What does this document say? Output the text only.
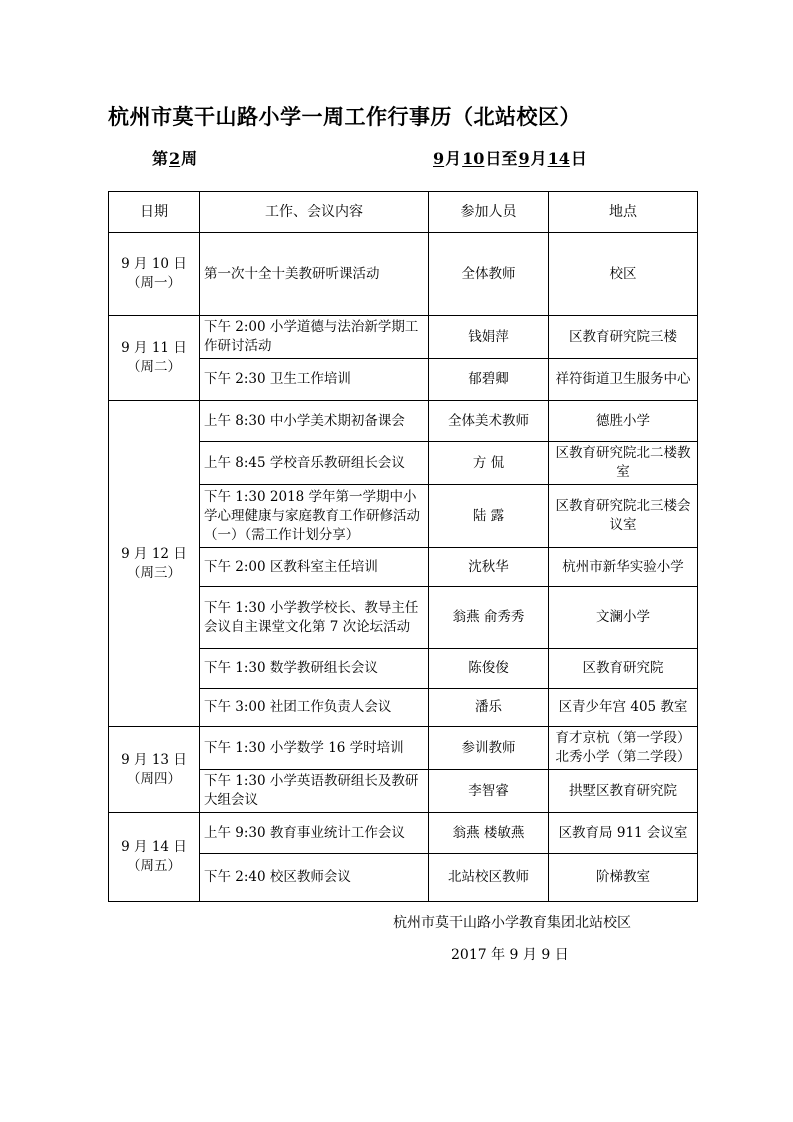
杭州市莫干山路小学一周工作行事历（北站校区）
第2周	9月10日至9月14日
日期	工作、会议内容	参加人员	地点

9 月 10 日
（周一）	第一次十全十美教研听课活动	全体教师	校区

9 月 11 日
（周二）	下午 2:00 小学道德与法治新学期工作研讨活动	钱娟萍	区教育研究院三楼
	下午 2:30 卫生工作培训	郁碧卿	祥符街道卫生服务中心

9 月 12 日
（周三）	上午 8:30 中小学美术期初备课会	全体美术教师	德胜小学
	上午 8:45 学校音乐教研组长会议	方 侃	区教育研究院北二楼教室
	下午 1:30 2018 学年第一学期中小学心理健康与家庭教育工作研修活动（一）（需工作计划分享）	陆 露	区教育研究院北三楼会议室
	下午 2:00 区教科室主任培训	沈秋华	杭州市新华实验小学
	下午 1:30 小学教学校长、教导主任会议自主课堂文化第 7 次论坛活动	翁燕 俞秀秀	文澜小学
	下午 1:30 数学教研组长会议	陈俊俊	区教育研究院
	下午 3:00 社团工作负责人会议	潘乐	区青少年宫 405 教室

9 月 13 日
（周四）	下午 1:30 小学数学 16 学时培训	参训教师	育才京杭（第一学段）
北秀小学（第二学段）

	下午 1:30 小学英语教研组长及教研大组会议	李智睿	拱墅区教育研究院

9 月 14 日
（周五）	上午 9:30 教育事业统计工作会议	翁燕 楼敏燕	区教育局 911 会议室
	下午 2:40 校区教师会议	北站校区教师	阶梯教室
杭州市莫干山路小学教育集团北站校区
2017 年 9 月 9 日
